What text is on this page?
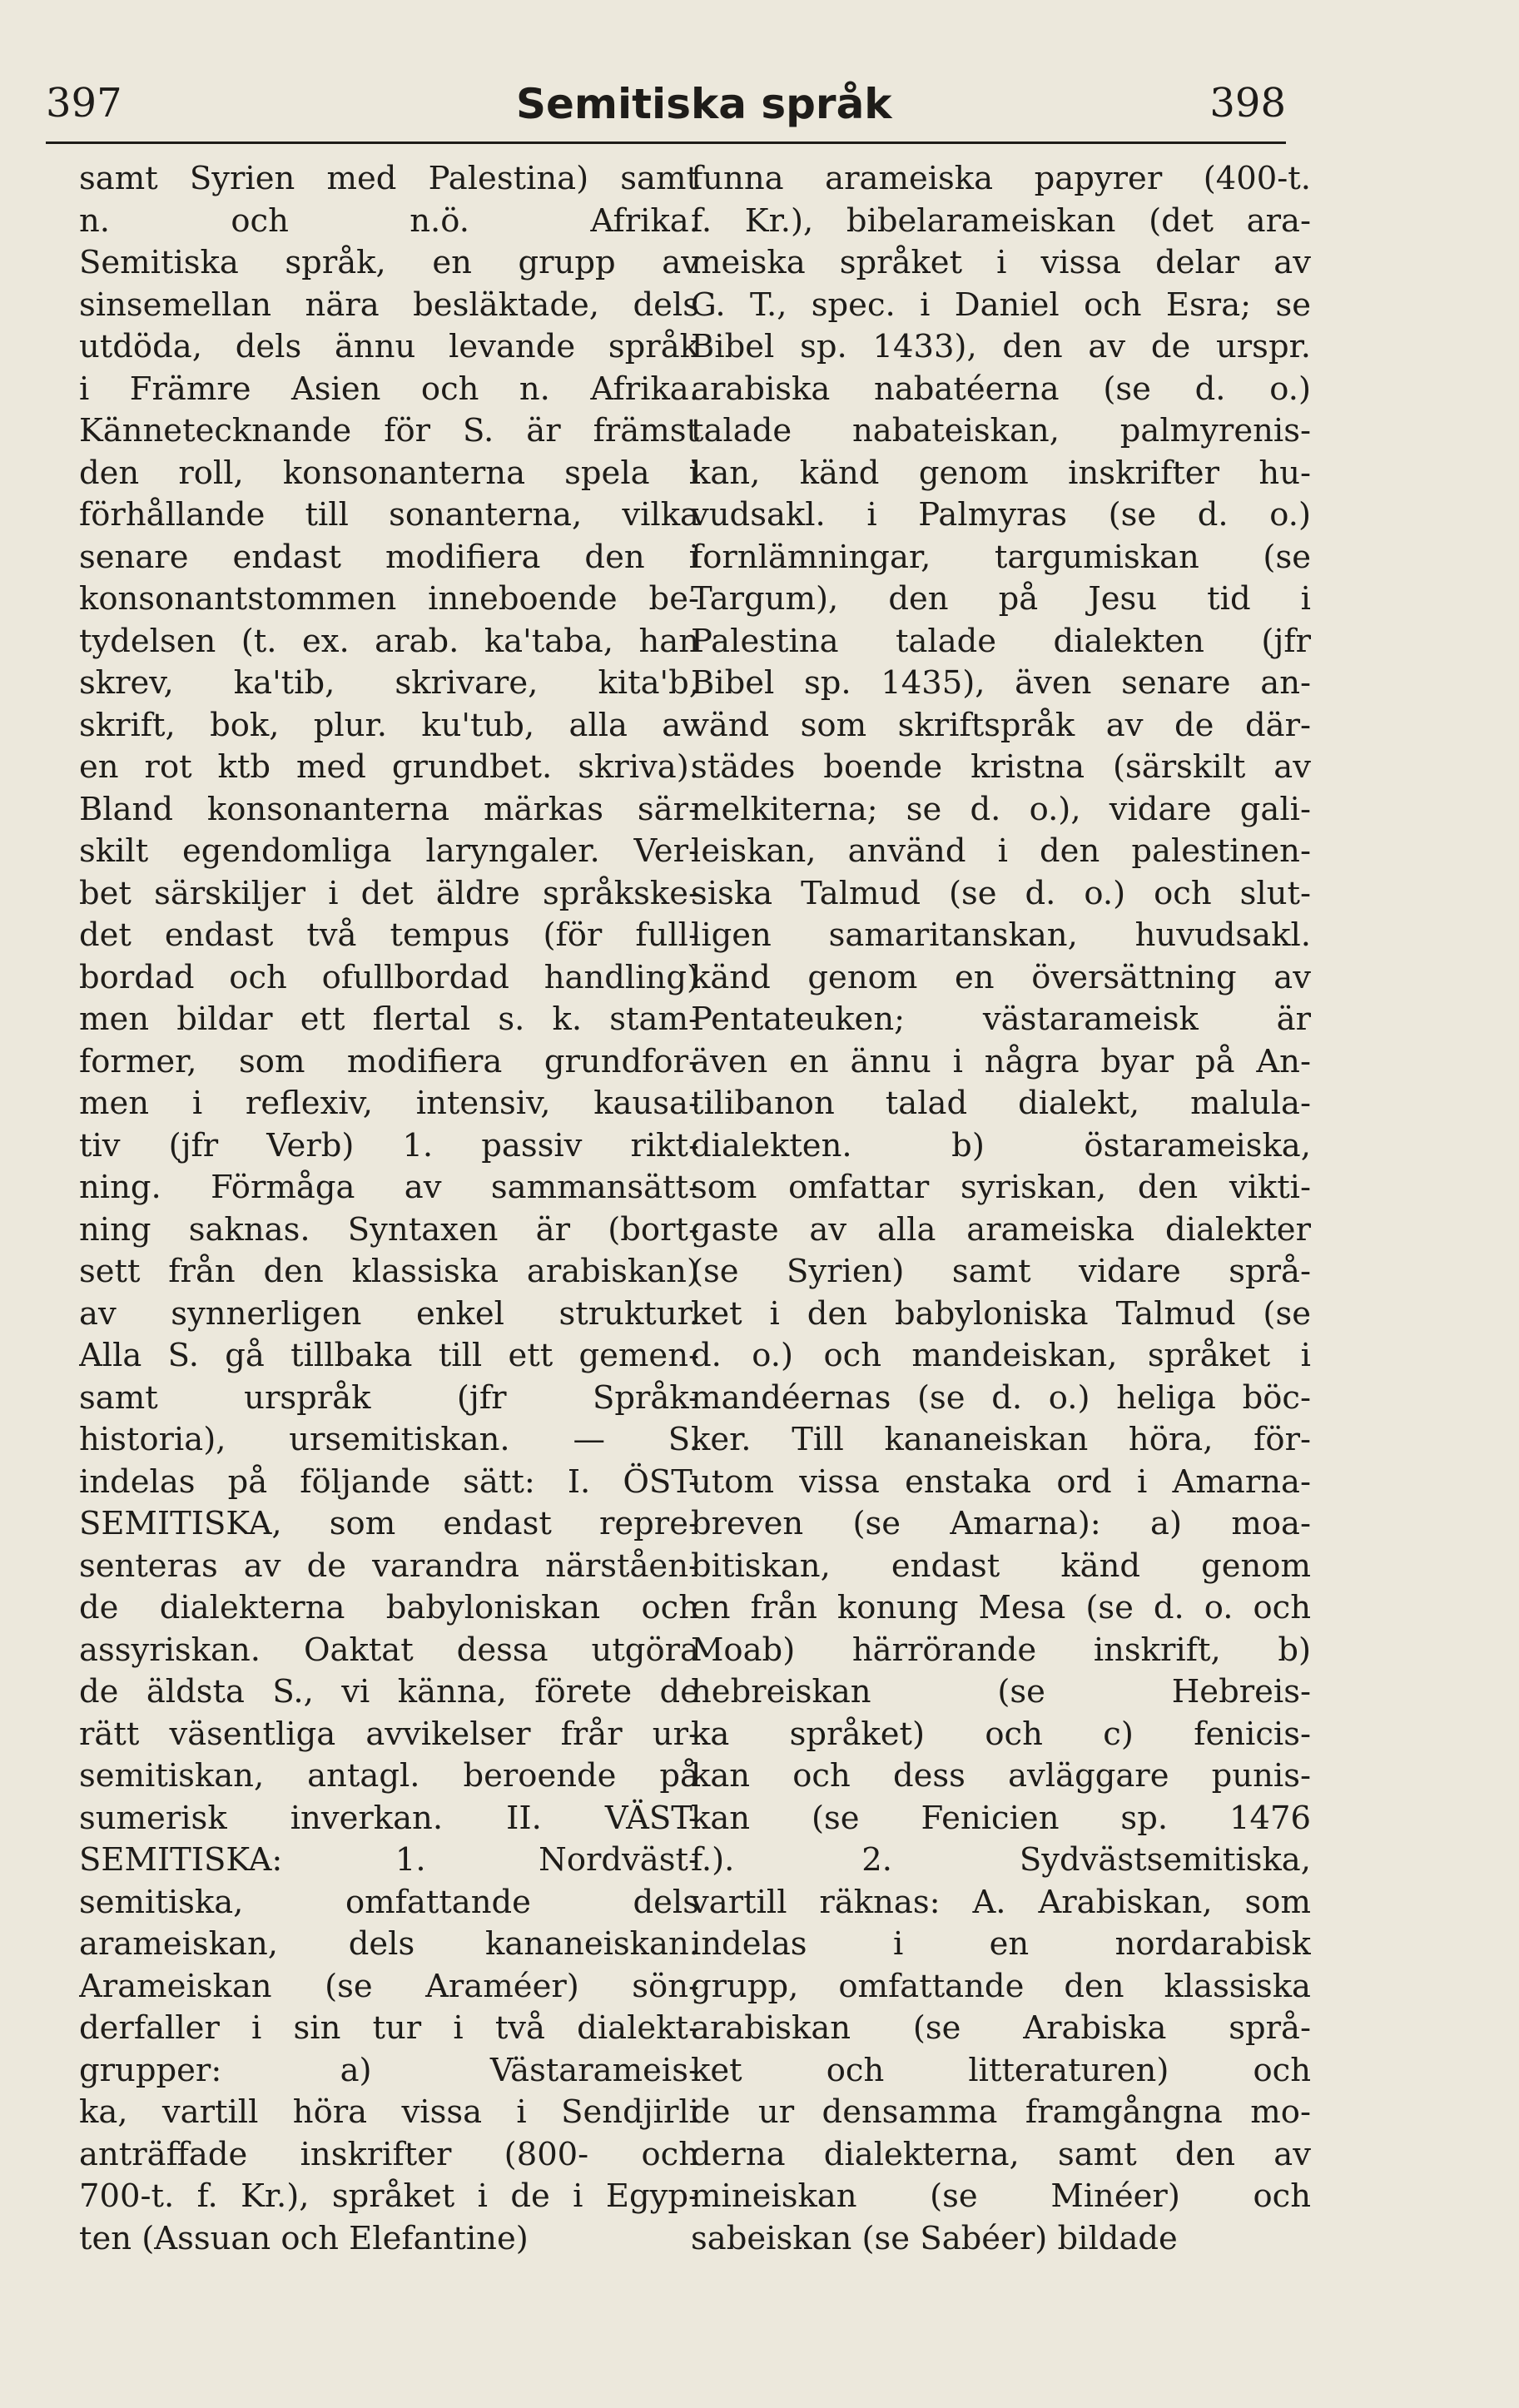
397	Semitiska språk	398
samt Syrien med Palestina) samt
n. och n.ö. Afrika.
Semitiska språk, en grupp av
sinsemellan nära besläktade, dels
utdöda, dels ännu levande språk
i Främre Asien och n. Afrika.
Kännetecknande för S. är främst
den roll, konsonanterna spela i
förhållande till sonanterna, vilka
senare endast modifiera den i
konsonantstommen inneboende be-
tydelsen (t. ex. arab. ka'taba, han
skrev, ka'tib, skrivare, kita'b,
skrift, bok, plur. ku'tub, alla av
en rot ktb med grundbet. skriva).
Bland konsonanterna märkas sär-
skilt egendomliga laryngaler. Ver-
bet särskiljer i det äldre språkske-
det endast två tempus (för full-
bordad och ofullbordad handling)
men bildar ett flertal s. k. stam-
former, som modifiera grundfor-
men i reflexiv, intensiv, kausa-
tiv (jfr Verb) 1. passiv rikt-
ning. Förmåga av sammansätt-
ning saknas. Syntaxen är (bort-
sett från den klassiska arabiskan)
av synnerligen enkel struktur.
Alla S. gå tillbaka till ett gemen-
samt urspråk (jfr Språk-
historia), ursemitiskan. — S.
indelas på följande sätt: I. ÖST-
SEMITISKA, som endast repre-
senteras av de varandra närståen-
de dialekterna babyloniskan och
assyriskan. Oaktat dessa utgöra
de äldsta S., vi känna, förete de
rätt väsentliga avvikelser frår ur-
semitiskan, antagl. beroende på
sumerisk inverkan. II. VÄST-
SEMITISKA: 1. Nordväst-
semitiska, omfattande dels
arameiskan, dels kananeiskan.
Arameiskan (se Araméer) sön-
derfaller i sin tur i två dialekt-
grupper: a) Västarameis-
ka, vartill höra vissa i Sendjirli
anträffade inskrifter (800- och
700-t. f. Kr.), språket i de i Egyp-
ten (Assuan och Elefantine)
funna arameiska papyrer (400-t.
f. Kr.), bibelarameiskan (det ara-
meiska språket i vissa delar av
G. T., spec. i Daniel och Esra; se
Bibel sp. 1433), den av de urspr.
arabiska nabatéerna (se d. o.)
talade nabateiskan, palmyrenis-
kan, känd genom inskrifter hu-
vudsakl. i Palmyras (se d. o.)
fornlämningar, targumiskan (se
Targum), den på Jesu tid i
Palestina talade dialekten (jfr
Bibel sp. 1435), även senare an-
vänd som skriftspråk av de där-
städes boende kristna (särskilt av
melkiterna; se d. o.), vidare gali-
leiskan, använd i den palestinen-
siska Talmud (se d. o.) och slut-
ligen samaritanskan, huvudsakl.
känd genom en översättning av
Pentateuken; västarameisk är
även en ännu i några byar på An-
tilibanon talad dialekt, malula-
dialekten. b) östarameiska,
som omfattar syriskan, den vikti-
gaste av alla arameiska dialekter
(se Syrien) samt vidare språ-
ket i den babyloniska Talmud (se
d. o.) och mandeiskan, språket i
mandéernas (se d. o.) heliga böc-
ker. Till kananeiskan höra, för-
utom vissa enstaka ord i Amarna-
breven (se Amarna): a) moa-
bitiskan, endast känd genom
en från konung Mesa (se d. o. och
Moab) härrörande inskrift, b)
hebreiskan (se Hebreis-
ka språket) och c) fenicis-
kan och dess avläggare punis-
kan (se Fenicien sp. 1476
f.). 2. Sydvästsemitiska,
vartill räknas: A. Arabiskan, som
indelas i en nordarabisk
grupp, omfattande den klassiska
arabiskan (se Arabiska språ-
ket och litteraturen) och
de ur densamma framgångna mo-
derna dialekterna, samt den av
mineiskan (se Minéer) och
sabeiskan (se Sabéer) bildade
